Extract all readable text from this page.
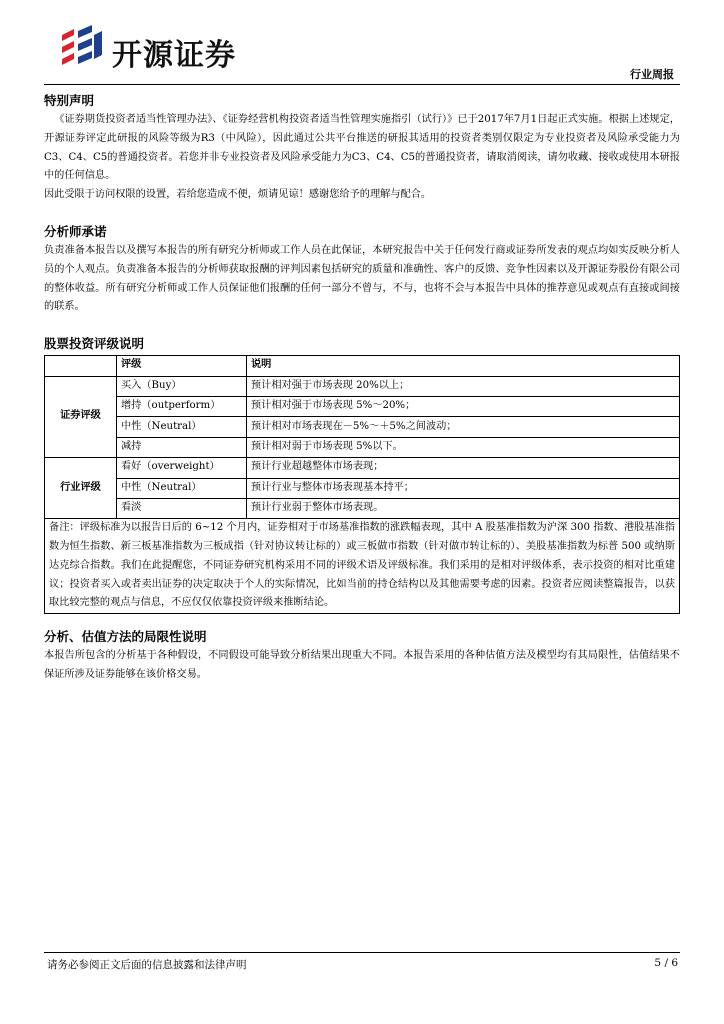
开源证券
行业周报
特别声明
《证券期货投资者适当性管理办法》、《证券经营机构投资者适当性管理实施指引（试行）》已于2017年7月1日起正式实施。根据上述规定，开源证券评定此研报的风险等级为R3（中风险），因此通过公共平台推送的研报其适用的投资者类别仅限定为专业投资者及风险承受能力为C3、C4、C5的普通投资者。若您并非专业投资者及风险承受能力为C3、C4、C5的普通投资者，请取消阅读，请勿收藏、接收或使用本研报中的任何信息。
因此受限于访问权限的设置，若给您造成不便，烦请见谅！感谢您给予的理解与配合。
分析师承诺
负责准备本报告以及撰写本报告的所有研究分析师或工作人员在此保证，本研究报告中关于任何发行商或证券所发表的观点均如实反映分析人员的个人观点。负责准备本报告的分析师获取报酬的评判因素包括研究的质量和准确性、客户的反馈、竞争性因素以及开源证券股份有限公司的整体收益。所有研究分析师或工作人员保证他们报酬的任何一部分不曾与，不与，也将不会与本报告中具体的推荐意见或观点有直接或间接的联系。
股票投资评级说明
	评级	说明
证券评级	买入（Buy）	预计相对强于市场表现 20%以上；
	增持（outperform）	预计相对强于市场表现 5%～20%；
	中性（Neutral）	预计相对市场表现在－5%～＋5%之间波动；
	减持	预计相对弱于市场表现 5%以下。
行业评级	看好（overweight）	预计行业超越整体市场表现；
	中性（Neutral）	预计行业与整体市场表现基本持平；
	看淡	预计行业弱于整体市场表现。
备注：评级标准为以报告日后的 6~12 个月内，证券相对于市场基准指数的涨跌幅表现，其中 A 股基准指数为沪深 300 指数、港股基准指数为恒生指数、新三板基准指数为三板成指（针对协议转让标的）或三板做市指数（针对做市转让标的）、美股基准指数为标普 500 或纳斯达克综合指数。我们在此提醒您，不同证券研究机构采用不同的评级术语及评级标准。我们采用的是相对评级体系，表示投资的相对比重建议；投资者买入或者卖出证券的决定取决于个人的实际情况，比如当前的持仓结构以及其他需要考虑的因素。投资者应阅读整篇报告，以获取比较完整的观点与信息，不应仅仅依靠投资评级来推断结论。		
分析、估值方法的局限性说明
本报告所包含的分析基于各种假设，不同假设可能导致分析结果出现重大不同。本报告采用的各种估值方法及模型均有其局限性，估值结果不保证所涉及证券能够在该价格交易。
请务必参阅正文后面的信息披露和法律声明	5 / 6
